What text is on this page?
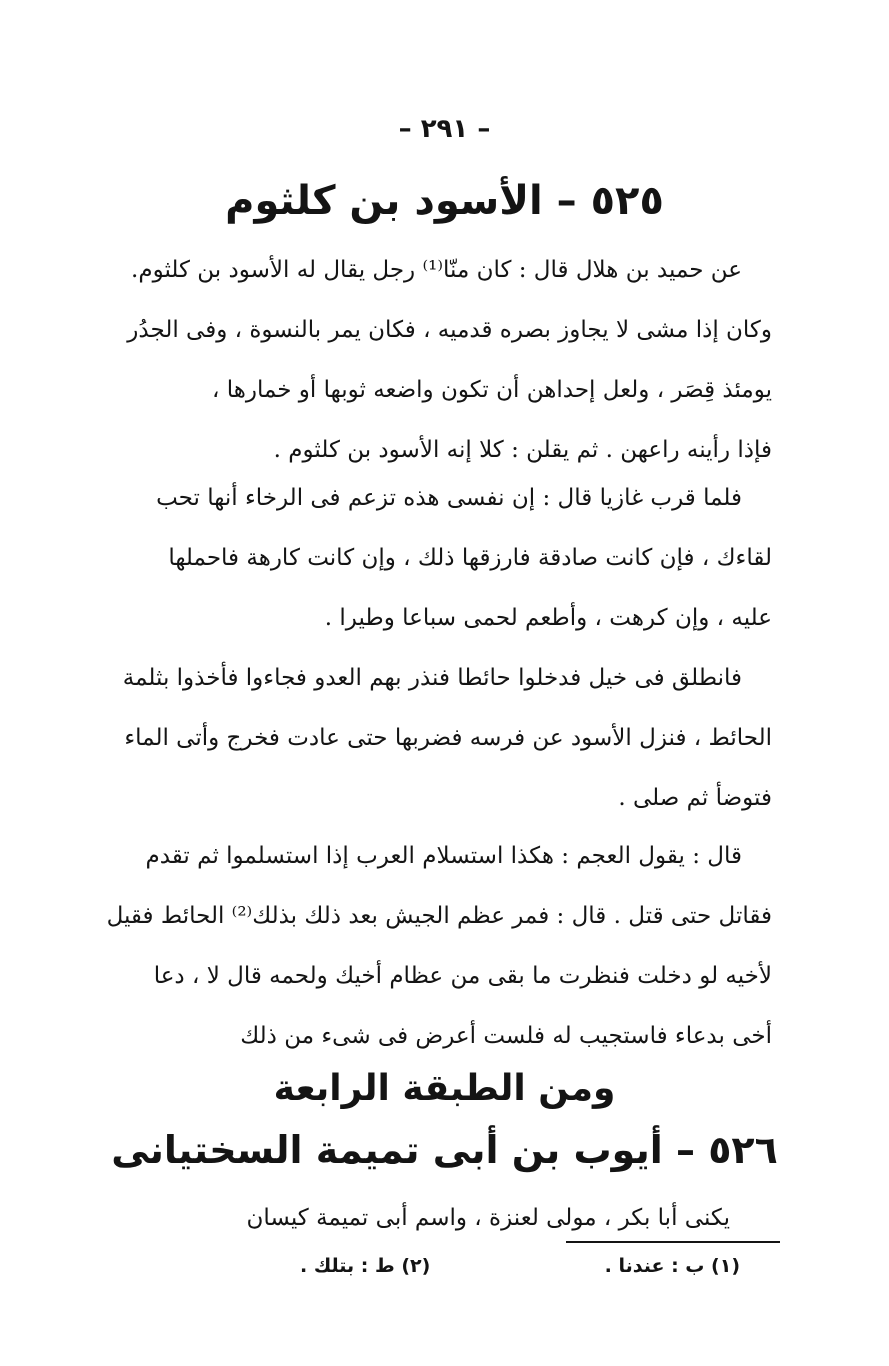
– ٢٩١ –
٥٢٥ – الأسود بن كلثوم
عن حميد بن هلال قال : كان منّا⁽¹⁾ رجل يقال له الأسود بن كلثوم.
وكان إذا مشى لا يجاوز بصره قدميه ، فكان يمر بالنسوة ، وفى الجدُر
يومئذ قِصَر ، ولعل إحداهن أن تكون واضعه ثوبها أو خمارها ،
فإذا رأينه راعهن . ثم يقلن : كلا إنه الأسود بن كلثوم .
فلما قرب غازيا قال : إن نفسى هذه تزعم فى الرخاء أنها تحب
لقاءك ، فإن كانت صادقة فارزقها ذلك ، وإن كانت كارهة فاحملها
عليه ، وإن كرهت ، وأطعم لحمى سباعا وطيرا .
فانطلق فى خيل فدخلوا حائطا فنذر بهم العدو فجاءوا فأخذوا بثلمة
الحائط ، فنزل الأسود عن فرسه فضربها حتى عادت فخرج وأتى الماء
فتوضأ ثم صلى .
قال : يقول العجم : هكذا استسلام العرب إذا استسلموا ثم تقدم
فقاتل حتى قتل . قال : فمر عظم الجيش بعد ذلك بذلك⁽²⁾ الحائط فقيل
لأخيه لو دخلت فنظرت ما بقى من عظام أخيك ولحمه قال لا ، دعا
أخى بدعاء فاستجيب له فلست أعرض فى شىء من ذلك
ومن الطبقة الرابعة
٥٢٦ – أيوب بن أبى تميمة السختيانى
يكنى أبا بكر ، مولى لعنزة ، واسم أبى تميمة كيسان
(١) ب : عندنا .
(٢) ط : بتلك .
